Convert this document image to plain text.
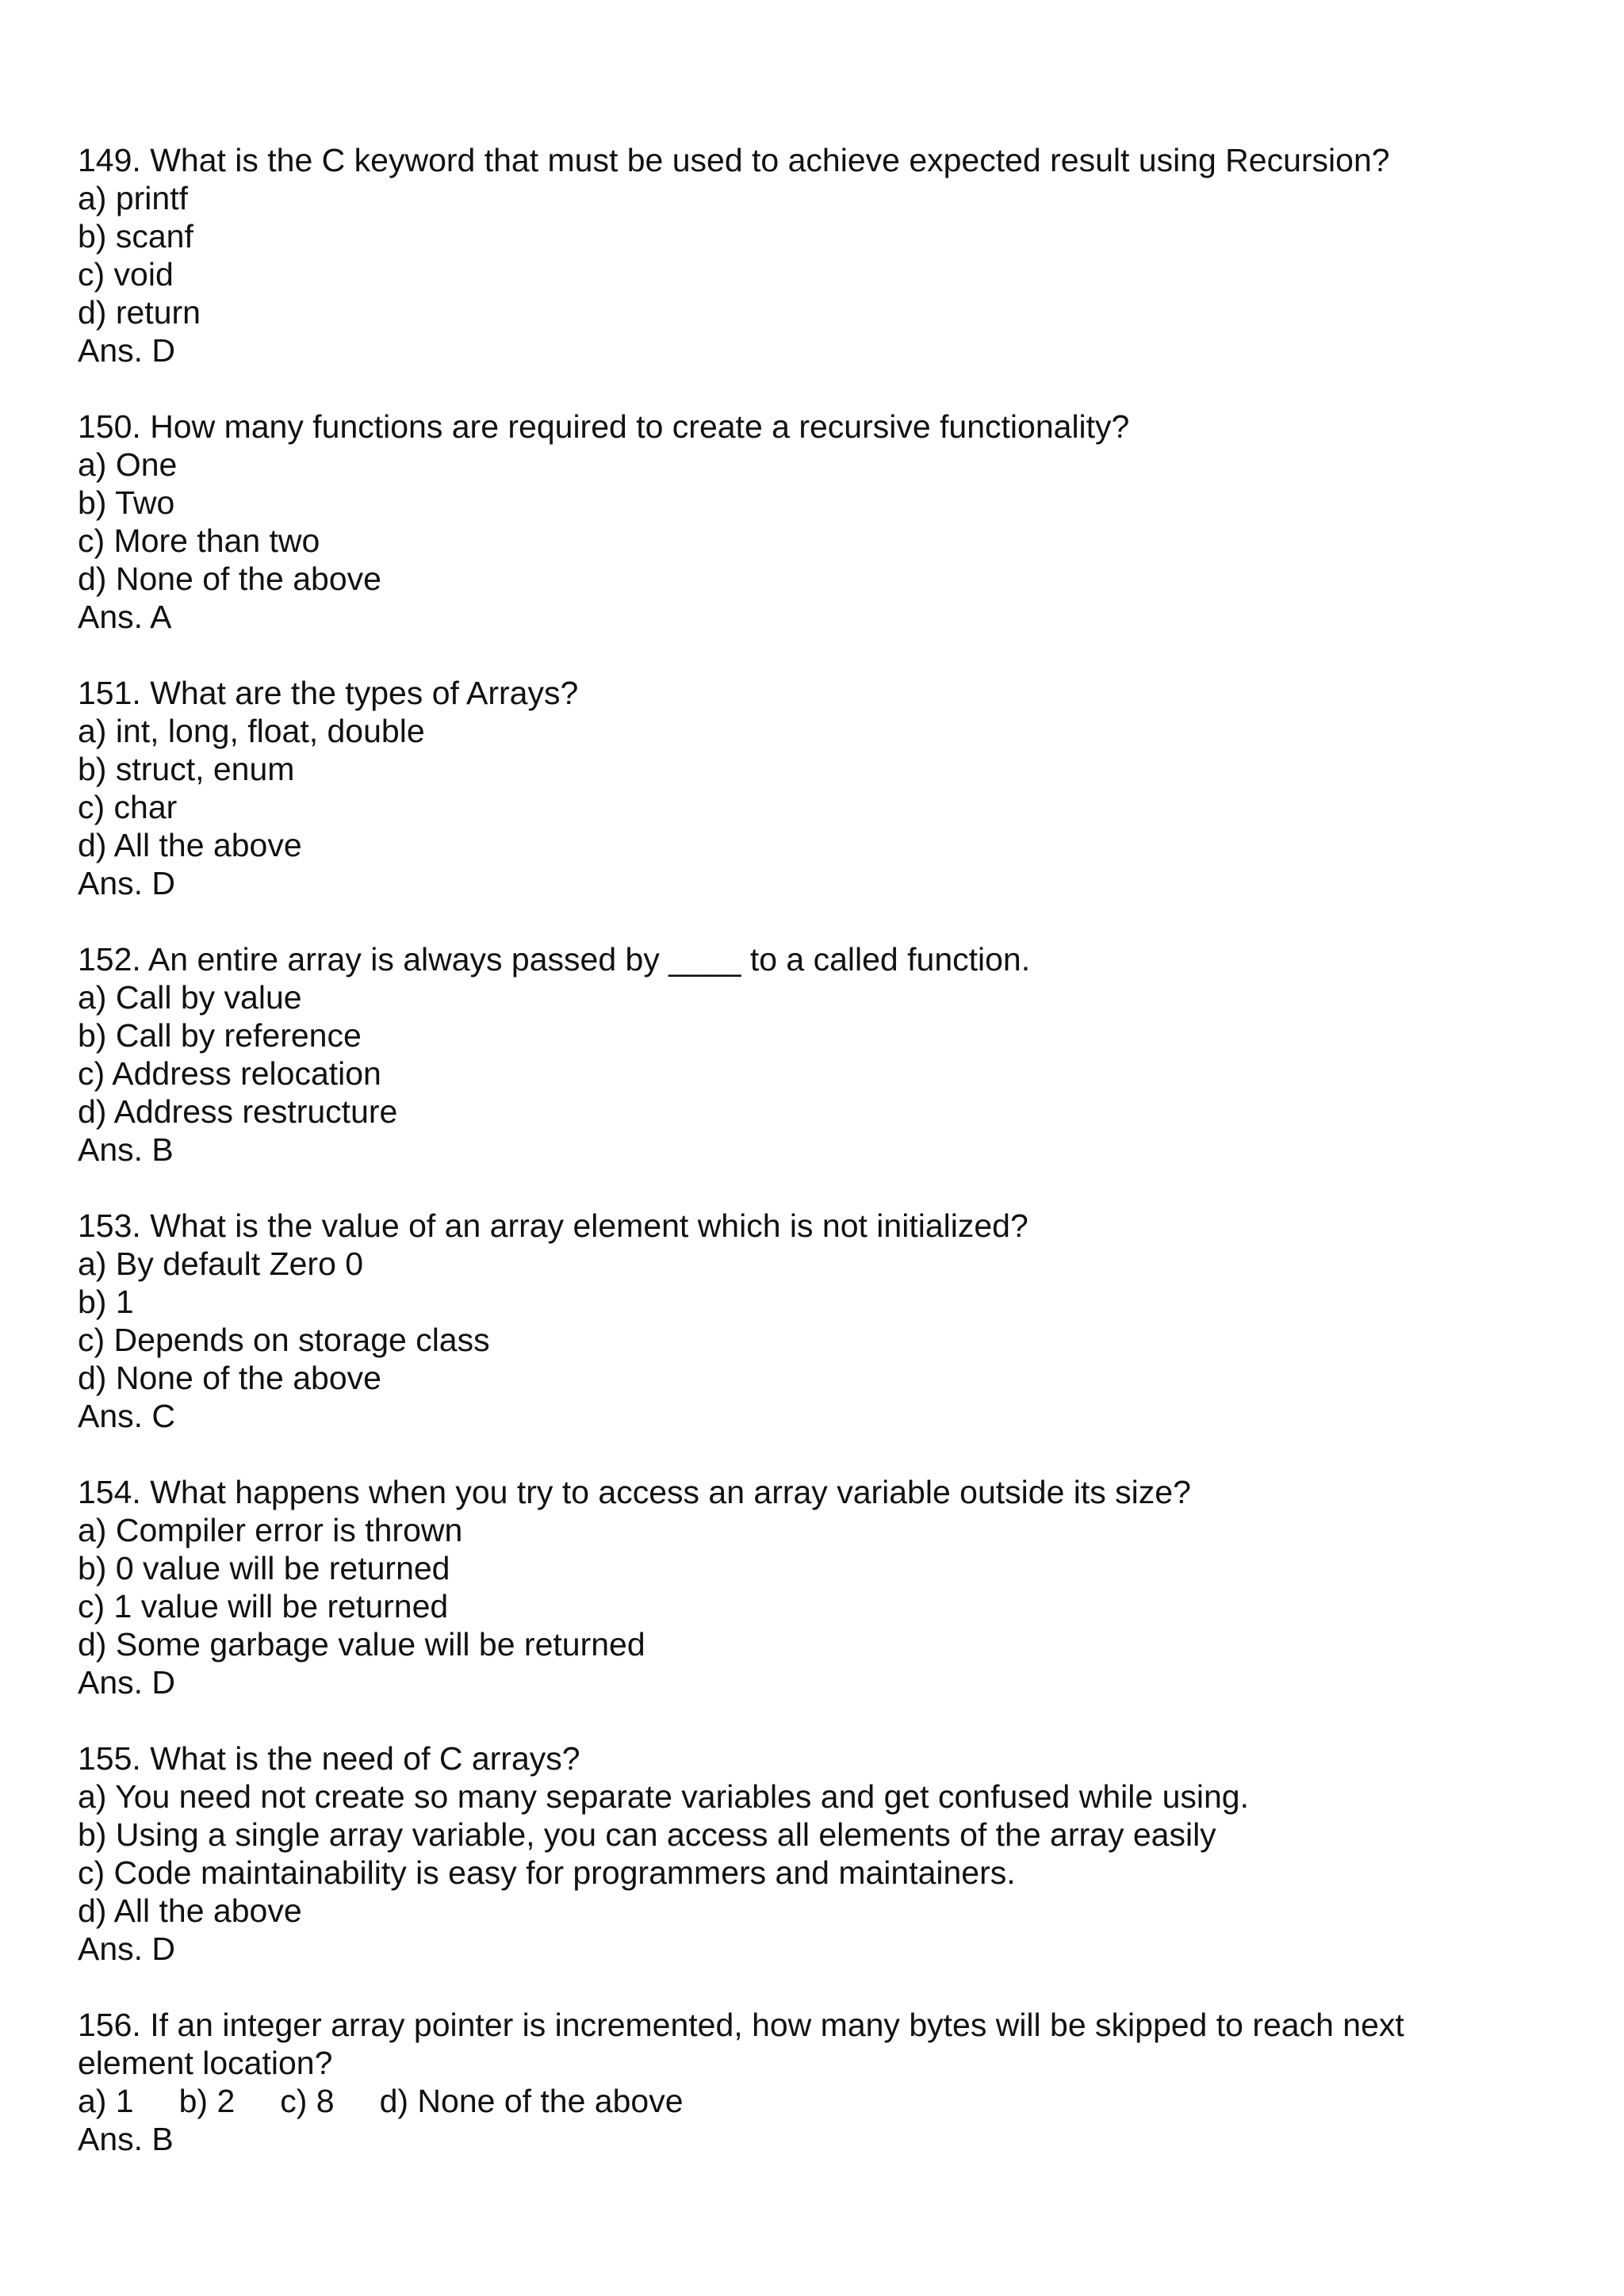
149. What is the C keyword that must be used to achieve expected result using Recursion?
a) printf
b) scanf
c) void
d) return
Ans. D
150. How many functions are required to create a recursive functionality?
a) One
b) Two
c) More than two
d) None of the above
Ans. A
151. What are the types of Arrays?
a) int, long, float, double
b) struct, enum
c) char
d) All the above
Ans. D
152. An entire array is always passed by ____ to a called function.
a) Call by value
b) Call by reference
c) Address relocation
d) Address restructure
Ans. B
153. What is the value of an array element which is not initialized?
a) By default Zero 0
b) 1
c) Depends on storage class
d) None of the above
Ans. C
154. What happens when you try to access an array variable outside its size?
a) Compiler error is thrown
b) 0 value will be returned
c) 1 value will be returned
d) Some garbage value will be returned
Ans. D
155. What is the need of C arrays?
a) You need not create so many separate variables and get confused while using.
b) Using a single array variable, you can access all elements of the array easily
c) Code maintainability is easy for programmers and maintainers.
d) All the above
Ans. D
156. If an integer array pointer is incremented, how many bytes will be skipped to reach next
element location?
a) 1 b) 2 c) 8 d) None of the above
Ans. B
